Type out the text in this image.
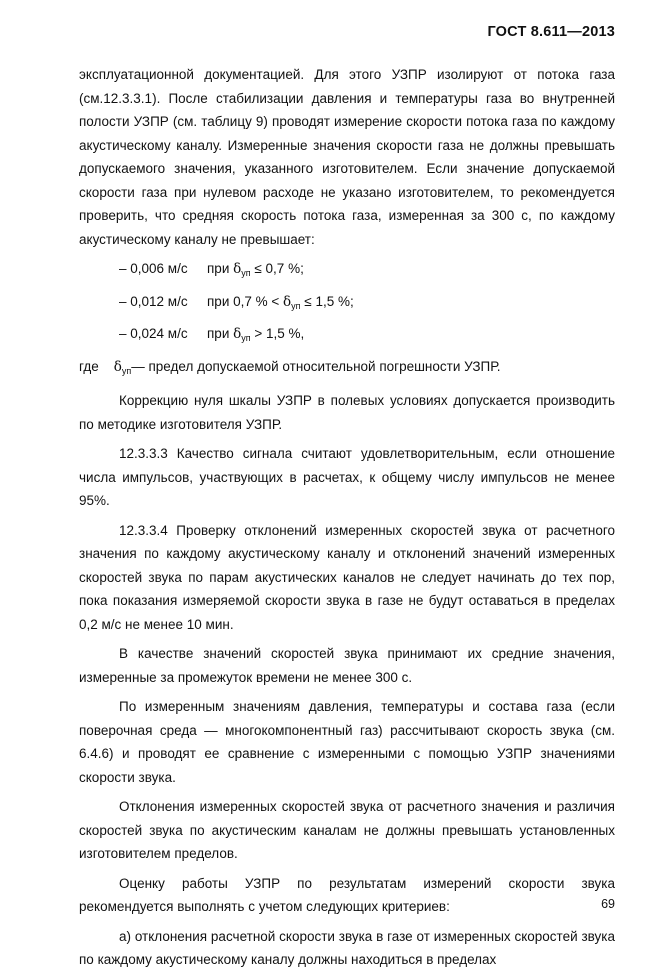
ГОСТ 8.611—2013
эксплуатационной документацией. Для этого УЗПР изолируют от потока газа (см.12.3.3.1). После стабилизации давления и температуры газа во внутренней полости УЗПР (см. таблицу 9) проводят измерение скорости потока газа по каждому акустическому каналу. Измеренные значения скорости газа не должны превышать допускаемого значения, указанного изготовителем. Если значение допускаемой скорости газа при нулевом расходе не указано изготовителем, то рекомендуется проверить, что средняя скорость потока газа, измеренная за 300 с, по каждому акустическому каналу не превышает:
– 0,006 м/с при $\delta_{уп} \le 0,7$ %;
– 0,012 м/с при 0,7 % < $\delta_{уп} \le 1,5$ %;
– 0,024 м/с при $\delta_{уп} > 1,5$ %,
где $\delta_{уп}—$ предел допускаемой относительной погрешности УЗПР.
Коррекцию нуля шкалы УЗПР в полевых условиях допускается производить по методике изготовителя УЗПР.
12.3.3.3 Качество сигнала считают удовлетворительным, если отношение числа импульсов, участвующих в расчетах, к общему числу импульсов не менее 95%.
12.3.3.4 Проверку отклонений измеренных скоростей звука от расчетного значения по каждому акустическому каналу и отклонений значений измеренных скоростей звука по парам акустических каналов не следует начинать до тех пор, пока показания измеряемой скорости звука в газе не будут оставаться в пределах 0,2 м/с не менее 10 мин.
В качестве значений скоростей звука принимают их средние значения, измеренные за промежуток времени не менее 300 с.
По измеренным значениям давления, температуры и состава газа (если поверочная среда — многокомпонентный газ) рассчитывают скорость звука (см. 6.4.6) и проводят ее сравнение с измеренными с помощью УЗПР значениями скорости звука.
Отклонения измеренных скоростей звука от расчетного значения и различия скоростей звука по акустическим каналам не должны превышать установленных изготовителем пределов.
Оценку работы УЗПР по результатам измерений скорости звука рекомендуется выполнять с учетом следующих критериев:
а) отклонения расчетной скорости звука в газе от измеренных скоростей звука по каждому акустическому каналу должны находиться в пределах
69
